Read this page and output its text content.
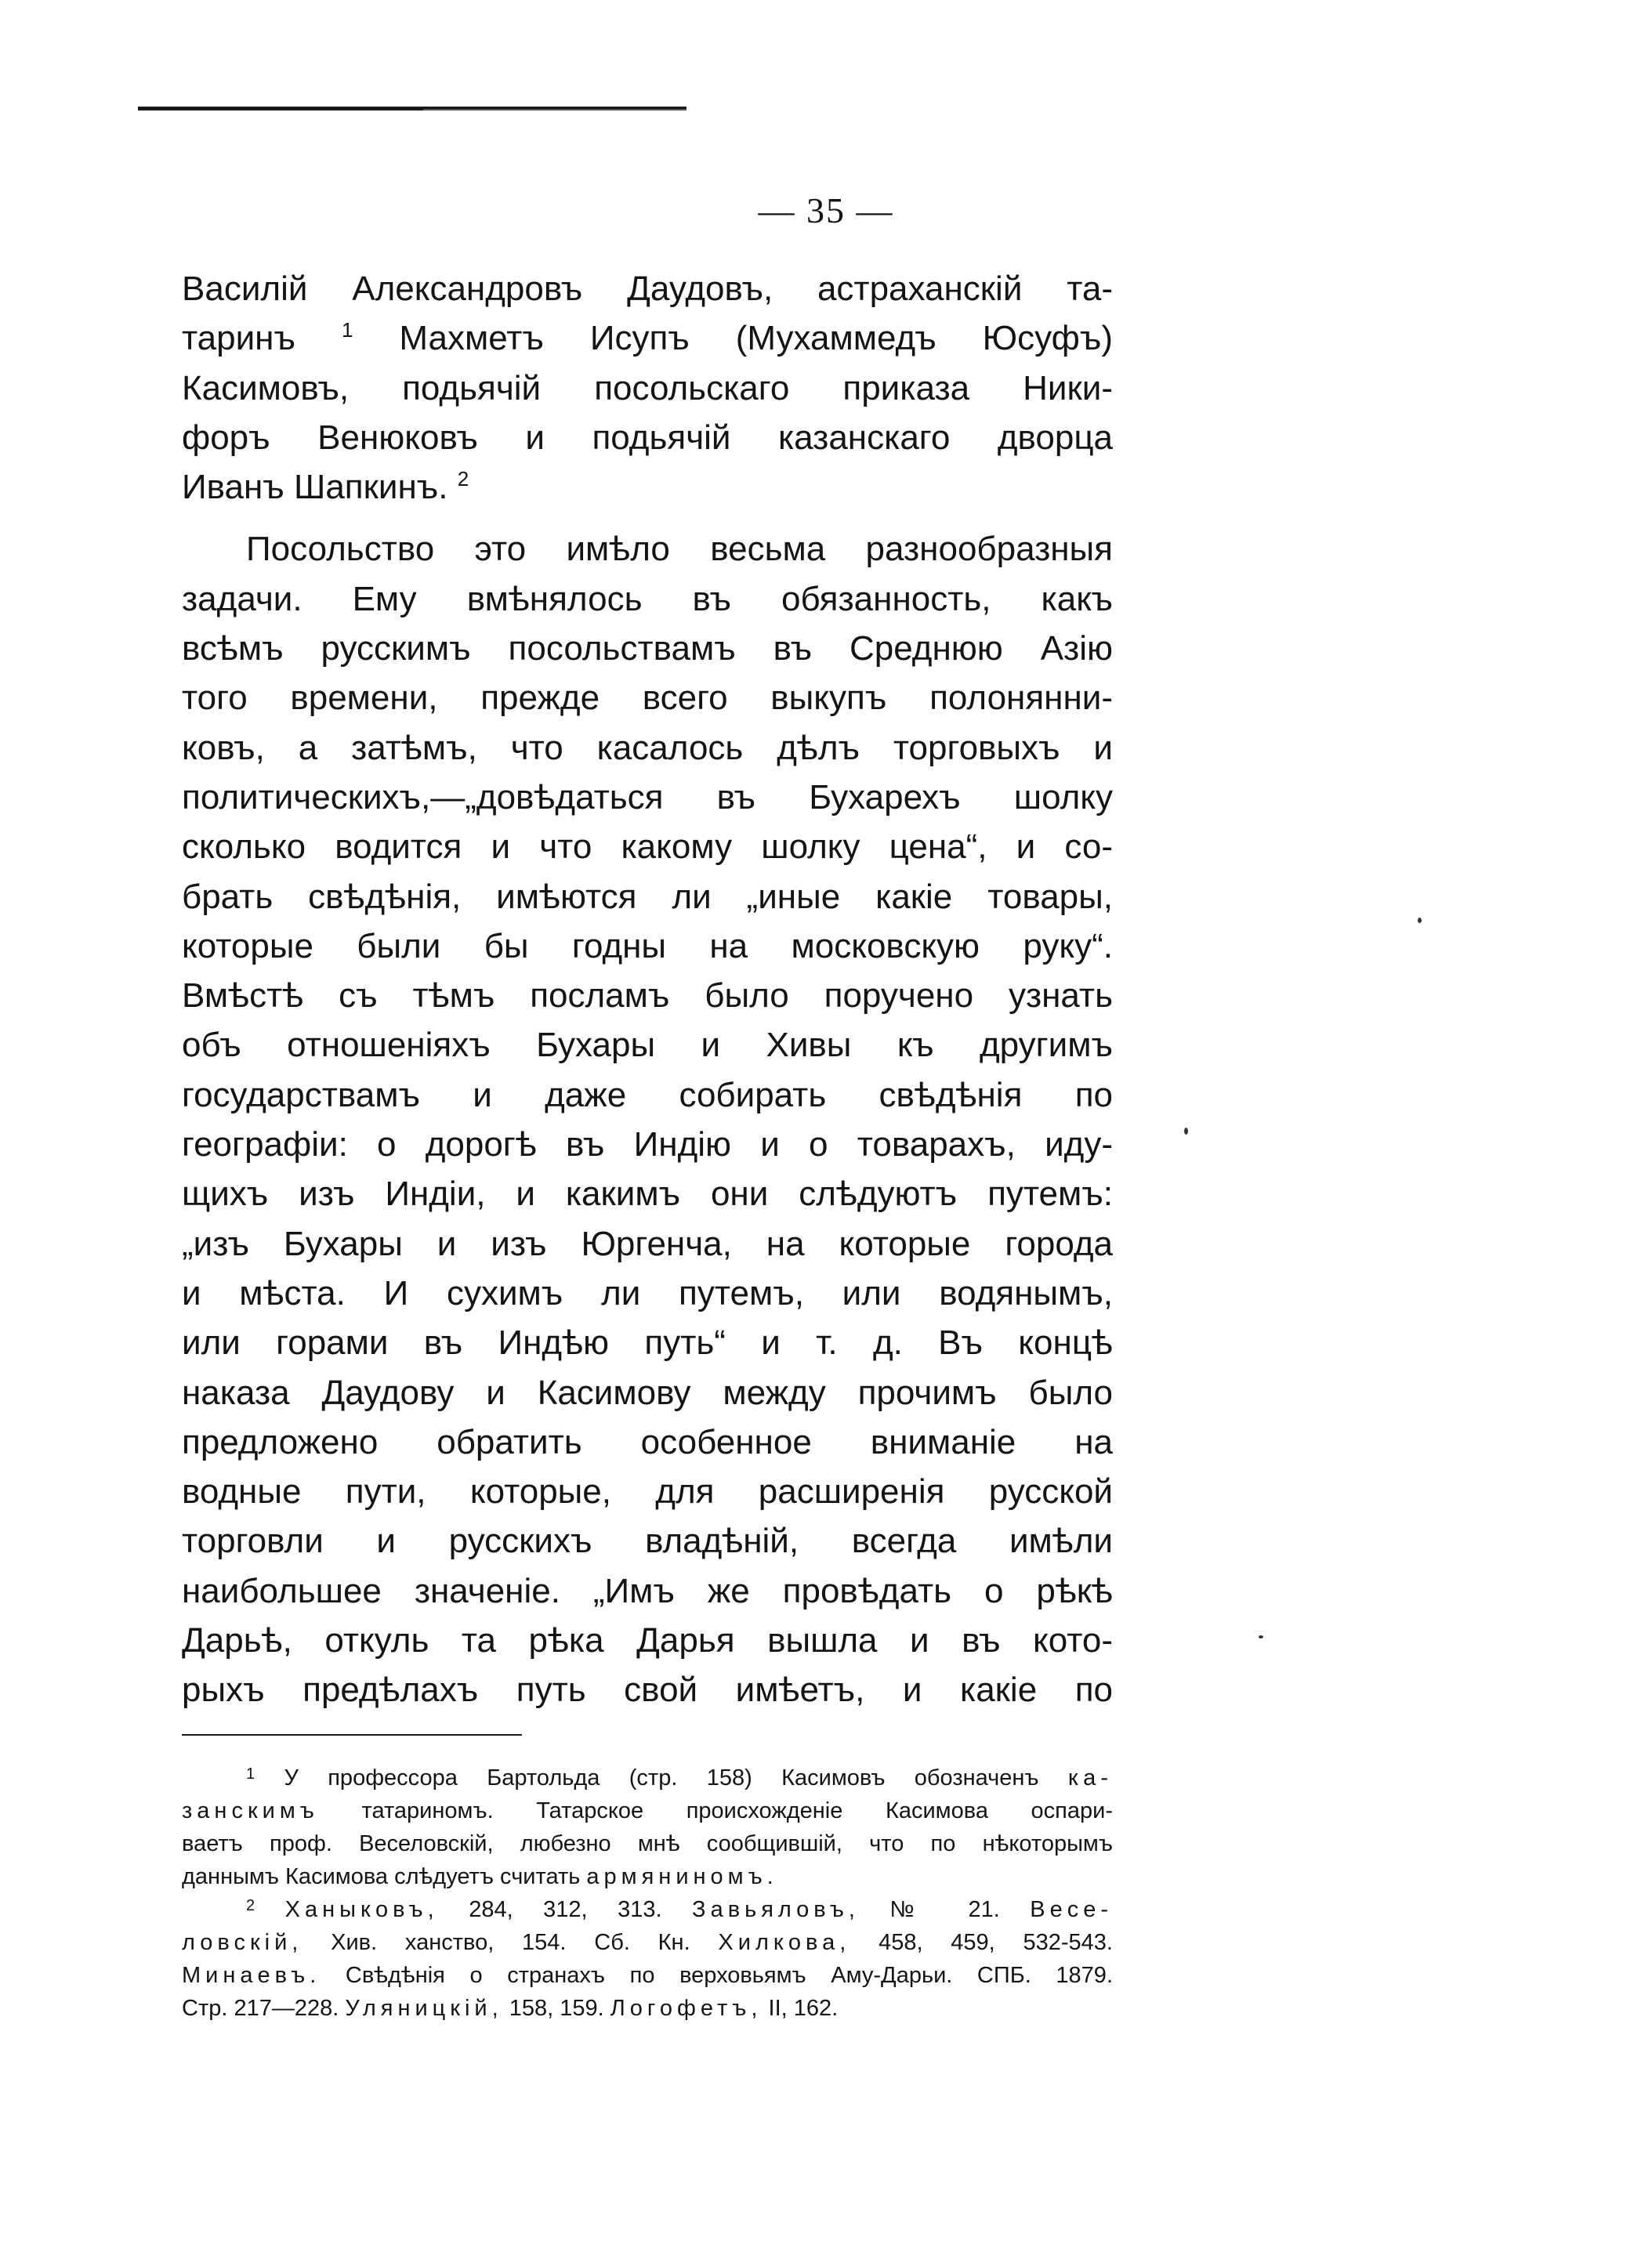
— 35 —
Василій Александровъ Даудовъ, астраханскій та-
таринъ $^1$ Махметъ Исупъ (Мухаммедъ Юсуфъ)
Касимовъ, подьячій посольскаго приказа Ники-
форъ Венюковъ и подьячій казанскаго дворца
Иванъ Шапкинъ. $^2$
Посольство это имѣло весьма разнообразныя
задачи. Ему вмѣнялось въ обязанность, какъ
всѣмъ русскимъ посольствамъ въ Среднюю Азію
того времени, прежде всего выкупъ полонянни-
ковъ, а затѣмъ, что касалось дѣлъ торговыхъ и
политическихъ,—„довѣдаться въ Бухарехъ шолку
сколько водится и что какому шолку цена“, и со-
брать свѣдѣнія, имѣются ли „иные какіе товары,
которые были бы годны на московскую руку“.
Вмѣстѣ съ тѣмъ посламъ было поручено узнать
объ отношеніяхъ Бухары и Хивы къ другимъ
государствамъ и даже собирать свѣдѣнія по
географіи: о дорогѣ въ Индію и о товарахъ, иду-
щихъ изъ Индіи, и какимъ они слѣдуютъ путемъ:
„изъ Бухары и изъ Юргенча, на которые города
и мѣста. И сухимъ ли путемъ, или водянымъ,
или горами въ Индѣю путь“ и т. д. Въ концѣ
наказа Даудову и Касимову между прочимъ было
предложено обратить особенное вниманіе на
водные пути, которые, для расширенія русской
торговли и русскихъ владѣній, всегда имѣли
наибольшее значеніе. „Имъ же провѣдать о рѣкѣ
Дарьѣ, откуль та рѣка Дарья вышла и въ кото-
рыхъ предѣлахъ путь свой имѣетъ, и какіе по
$^1$ У профессора Бартольда (стр. 158) Касимовъ обозначенъ ка-
занскимъ татариномъ. Татарское происхожденіе Касимова оспари-
ваетъ проф. Веселовскій, любезно мнѣ сообщившій, что по нѣкоторымъ
даннымъ Касимова слѣдуетъ считать армяниномъ.
$^2$ Ханыковъ, 284, 312, 313. Завьяловъ, № 21. Весе-
ловскій, Хив. ханство, 154. Сб. Кн. Хилкова, 458, 459, 532-543.
Минаевъ. Свѣдѣнія о странахъ по верховьямъ Аму-Дарьи. СПБ. 1879.
Стр. 217—228. Уляницкій, 158, 159. Логофетъ, II, 162.
